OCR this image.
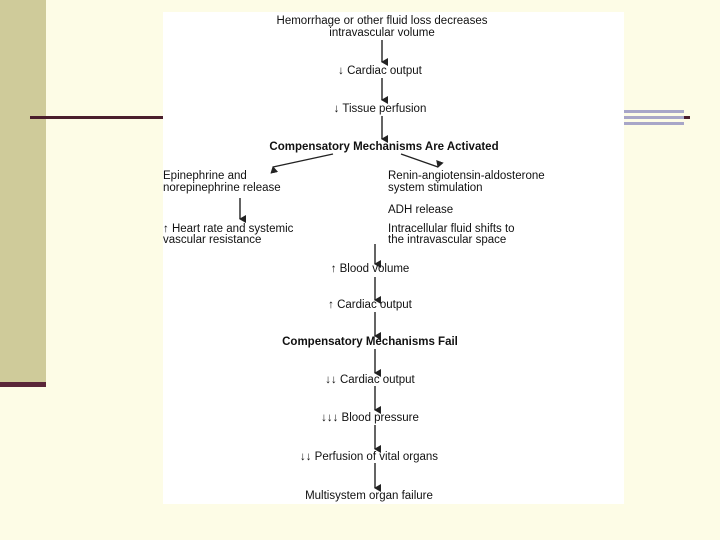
Hemorrhage or other fluid loss decreases
intravascular volume
↓ Cardiac output
↓ Tissue perfusion
Compensatory Mechanisms Are Activated
Epinephrine and
norepinephrine release
Renin-angiotensin-aldosterone
system stimulation
ADH release
↑ Heart rate and systemic
vascular resistance
Intracellular fluid shifts to
the intravascular space
↑ Blood volume
↑ Cardiac output
Compensatory Mechanisms Fail
↓↓ Cardiac output
↓↓↓ Blood pressure
↓↓ Perfusion of vital organs
Multisystem organ failure
